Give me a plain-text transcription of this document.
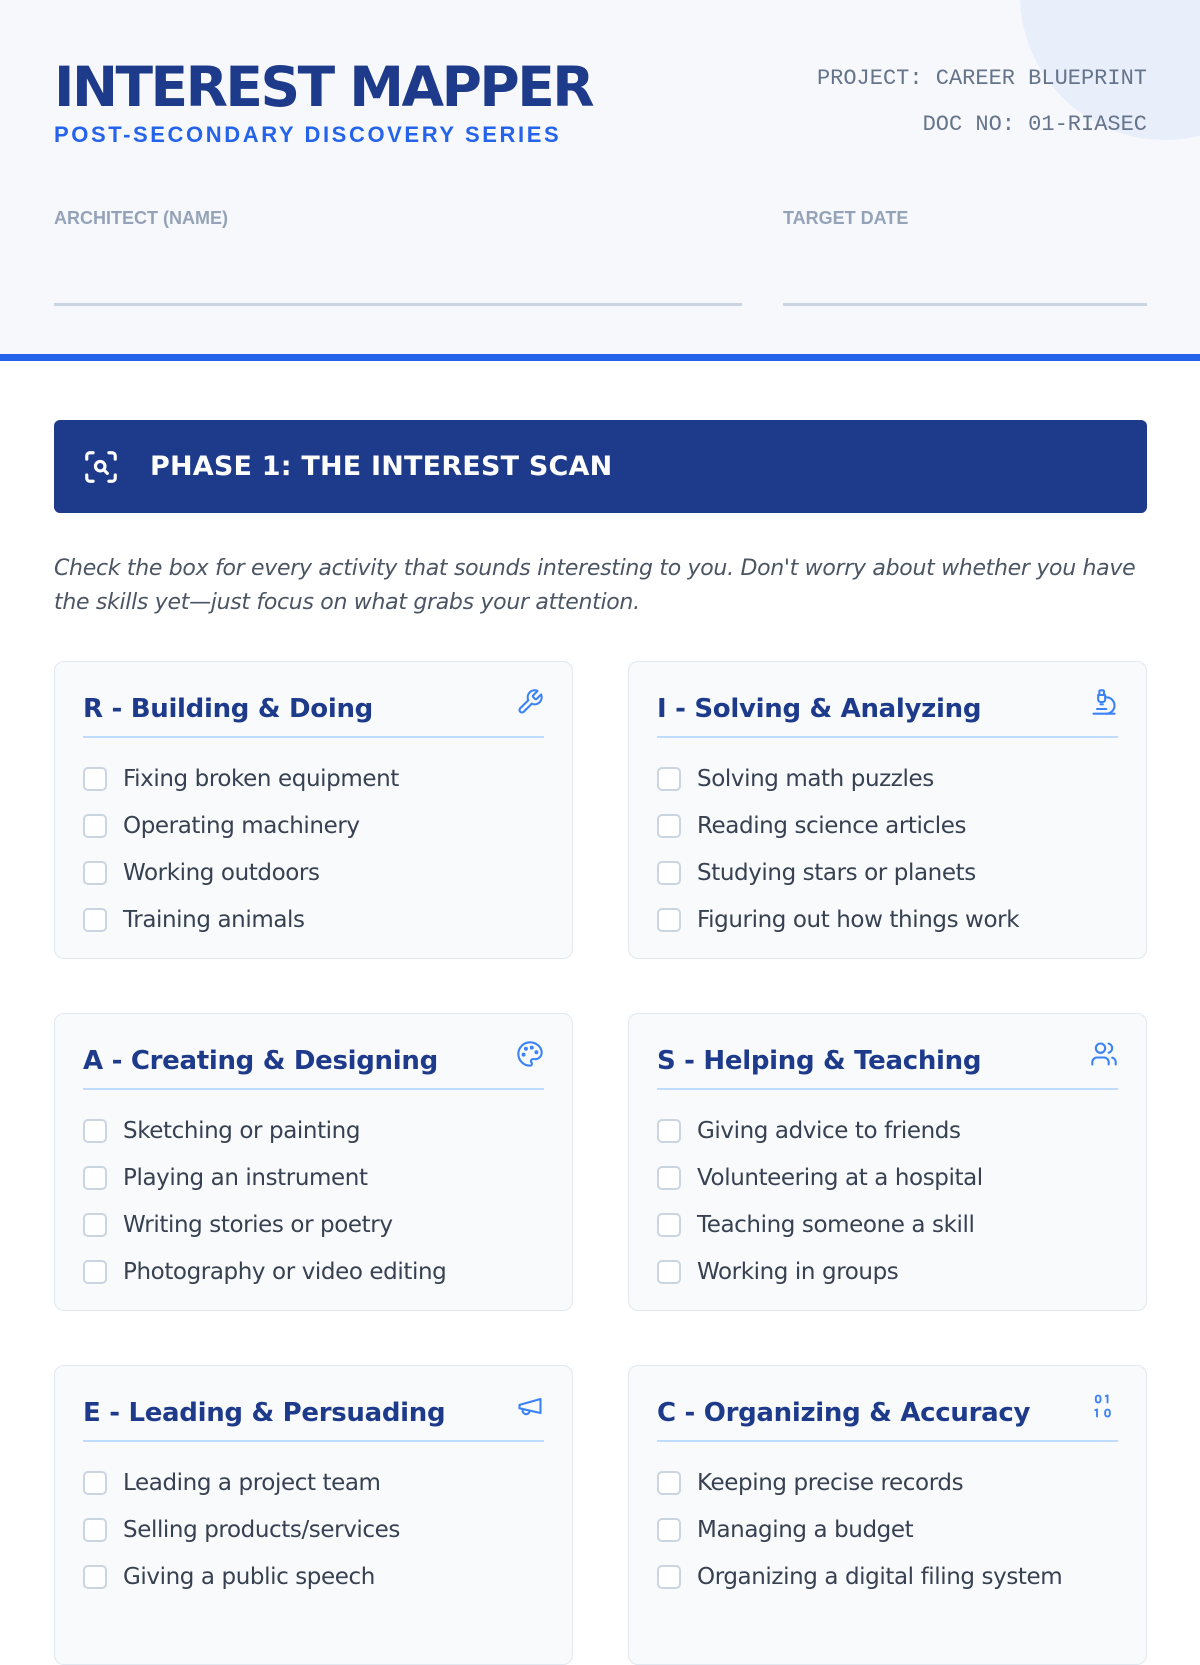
INTEREST MAPPER
POST-SECONDARY DISCOVERY SERIES
PROJECT: CAREER BLUEPRINT
DOC NO: 01-RIASEC
ARCHITECT (NAME)	TARGET DATE
PHASE 1: THE INTEREST SCAN

Check the box for every activity that sounds interesting to you. Don't worry about whether you have the skills yet—just focus on what grabs your attention.

R - Building & Doing
Fixing broken equipment
Operating machinery
Working outdoors
Training animals
I - Solving & Analyzing
Solving math puzzles
Reading science articles
Studying stars or planets
Figuring out how things work
A - Creating & Designing
Sketching or painting
Playing an instrument
Writing stories or poetry
Photography or video editing
S - Helping & Teaching
Giving advice to friends
Volunteering at a hospital
Teaching someone a skill
Working in groups
E - Leading & Persuading
Leading a project team
Selling products/services
Giving a public speech
C - Organizing & Accuracy
Keeping precise records
Managing a budget
Organizing a digital filing system
